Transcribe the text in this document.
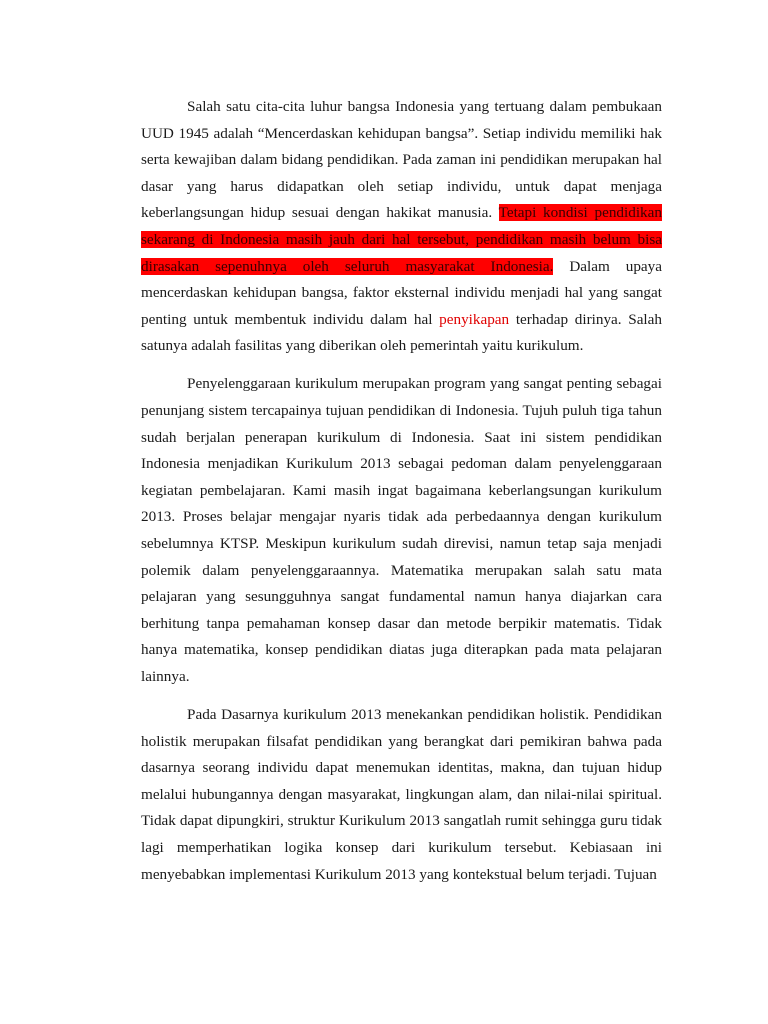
Salah satu cita-cita luhur bangsa Indonesia yang tertuang dalam pembukaan UUD 1945 adalah “Mencerdaskan kehidupan bangsa”. Setiap individu memiliki hak serta kewajiban dalam bidang pendidikan. Pada zaman ini pendidikan merupakan hal dasar yang harus didapatkan oleh setiap individu, untuk dapat menjaga keberlangsungan hidup sesuai dengan hakikat manusia. Tetapi kondisi pendidikan sekarang di Indonesia masih jauh dari hal tersebut, pendidikan masih belum bisa dirasakan sepenuhnya oleh seluruh masyarakat Indonesia. Dalam upaya mencerdaskan kehidupan bangsa, faktor eksternal individu menjadi hal yang sangat penting untuk membentuk individu dalam hal penyikapan terhadap dirinya. Salah satunya adalah fasilitas yang diberikan oleh pemerintah yaitu kurikulum.

Penyelenggaraan kurikulum merupakan program yang sangat penting sebagai penunjang sistem tercapainya tujuan pendidikan di Indonesia. Tujuh puluh tiga tahun sudah berjalan penerapan kurikulum di Indonesia. Saat ini sistem pendidikan Indonesia menjadikan Kurikulum 2013 sebagai pedoman dalam penyelenggaraan kegiatan pembelajaran. Kami masih ingat bagaimana keberlangsungan kurikulum 2013. Proses belajar mengajar nyaris tidak ada perbedaannya dengan kurikulum sebelumnya KTSP. Meskipun kurikulum sudah direvisi, namun tetap saja menjadi polemik dalam penyelenggaraannya. Matematika merupakan salah satu mata pelajaran yang sesungguhnya sangat fundamental namun hanya diajarkan cara berhitung tanpa pemahaman konsep dasar dan metode berpikir matematis. Tidak hanya matematika, konsep pendidikan diatas juga diterapkan pada mata pelajaran lainnya.

Pada Dasarnya kurikulum 2013 menekankan pendidikan holistik. Pendidikan holistik merupakan filsafat pendidikan yang berangkat dari pemikiran bahwa pada dasarnya seorang individu dapat menemukan identitas, makna, dan tujuan hidup melalui hubungannya dengan masyarakat, lingkungan alam, dan nilai-nilai spiritual. Tidak dapat dipungkiri, struktur Kurikulum 2013 sangatlah rumit sehingga guru tidak lagi memperhatikan logika konsep dari kurikulum tersebut. Kebiasaan ini menyebabkan implementasi Kurikulum 2013 yang kontekstual belum terjadi. Tujuan
